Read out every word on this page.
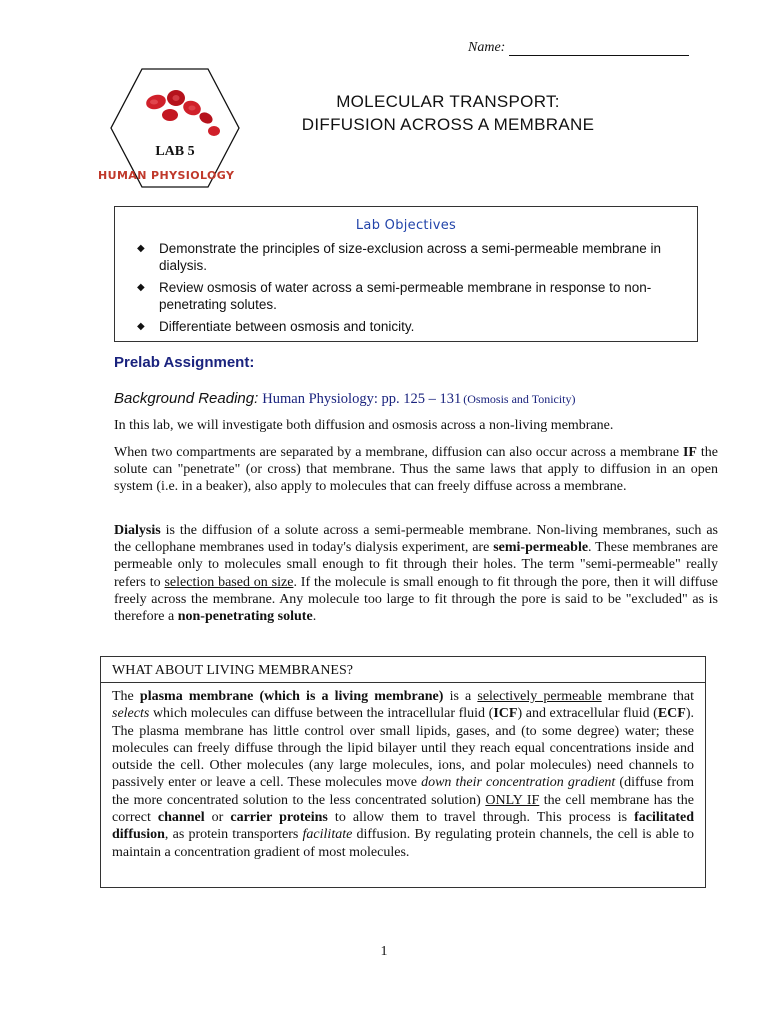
Name:
LAB 5
HUMAN PHYSIOLOGY
MOLECULAR TRANSPORT:
DIFFUSION ACROSS A MEMBRANE
Lab Objectives
◆ Demonstrate the principles of size-exclusion across a semi-permeable membrane in dialysis.
◆ Review osmosis of water across a semi-permeable membrane in response to non-penetrating solutes.
◆ Differentiate between osmosis and tonicity.
Prelab Assignment:
Background Reading: Human Physiology: pp. 125 – 131 (Osmosis and Tonicity)
In this lab, we will investigate both diffusion and osmosis across a non-living membrane.
When two compartments are separated by a membrane, diffusion can also occur across a membrane IF the solute can "penetrate" (or cross) that membrane. Thus the same laws that apply to diffusion in an open system (i.e. in a beaker), also apply to molecules that can freely diffuse across a membrane.
Dialysis is the diffusion of a solute across a semi-permeable membrane. Non-living membranes, such as the cellophane membranes used in today's dialysis experiment, are semi-permeable. These membranes are permeable only to molecules small enough to fit through their holes. The term "semi-permeable" really refers to selection based on size. If the molecule is small enough to fit through the pore, then it will diffuse freely across the membrane. Any molecule too large to fit through the pore is said to be "excluded" as is therefore a non-penetrating solute.
WHAT ABOUT LIVING MEMBRANES?
The plasma membrane (which is a living membrane) is a selectively permeable membrane that selects which molecules can diffuse between the intracellular fluid (ICF) and extracellular fluid (ECF). The plasma membrane has little control over small lipids, gases, and (to some degree) water; these molecules can freely diffuse through the lipid bilayer until they reach equal concentrations inside and outside the cell. Other molecules (any large molecules, ions, and polar molecules) need channels to passively enter or leave a cell. These molecules move down their concentration gradient (diffuse from the more concentrated solution to the less concentrated solution) ONLY IF the cell membrane has the correct channel or carrier proteins to allow them to travel through. This process is facilitated diffusion, as protein transporters facilitate diffusion. By regulating protein channels, the cell is able to maintain a concentration gradient of most molecules.
1
